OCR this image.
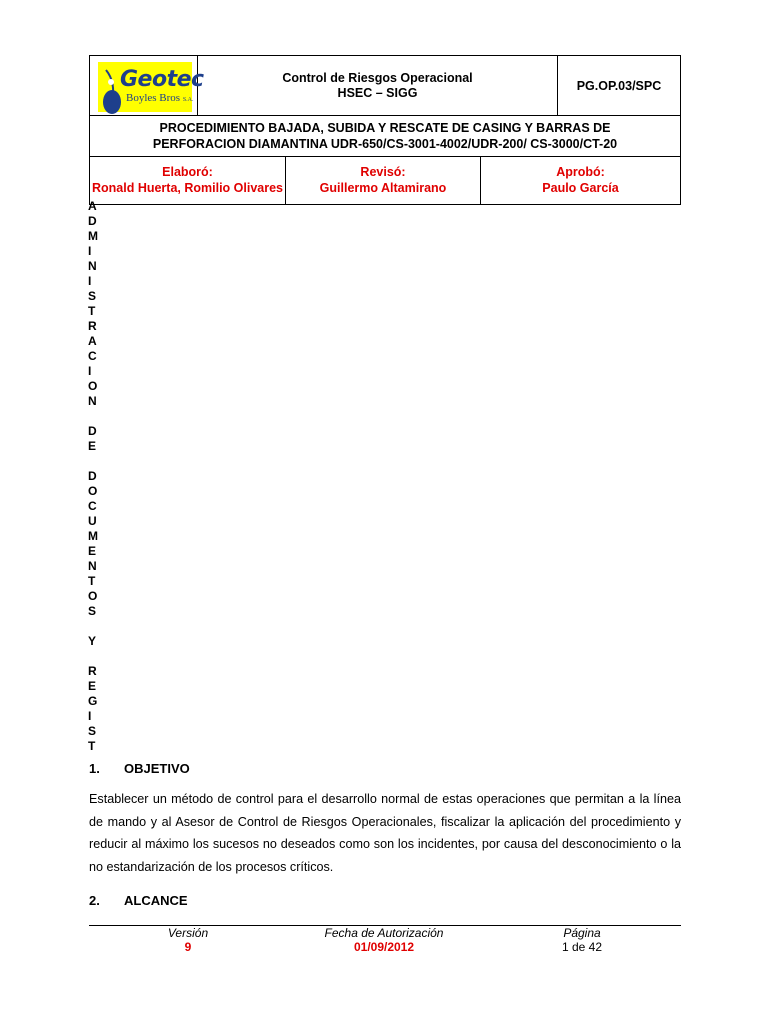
Geotec
Boyles Bros S.A.
Control de Riesgos Operacional
HSEC – SIGG	PG.OP.03/SPC
PROCEDIMIENTO BAJADA, SUBIDA Y RESCATE DE CASING Y BARRAS DE
PERFORACION DIAMANTINA UDR-650/CS-3001-4002/UDR-200/ CS-3000/CT-20
Elaboró:
Ronald Huerta, Romilio Olivares
Revisó:
Guillermo Altamirano
Aprobó:
Paulo García
A
D
M
I
N
I
S
T
R
A
C
I
O
N
D
E
D
O
C
U
M
E
N
T
O
S
Y
R
E
G
I
S
T
1. OBJETIVO
Establecer un método de control para el desarrollo normal de estas operaciones que permitan a la línea de mando y al Asesor de Control de Riesgos Operacionales, fiscalizar la aplicación del procedimiento y reducir al máximo los sucesos no deseados como son los incidentes, por causa del desconocimiento o la no estandarización de los procesos críticos.
2. ALCANCE
Versión
9
Fecha de Autorización
01/09/2012
Página
1 de 42
